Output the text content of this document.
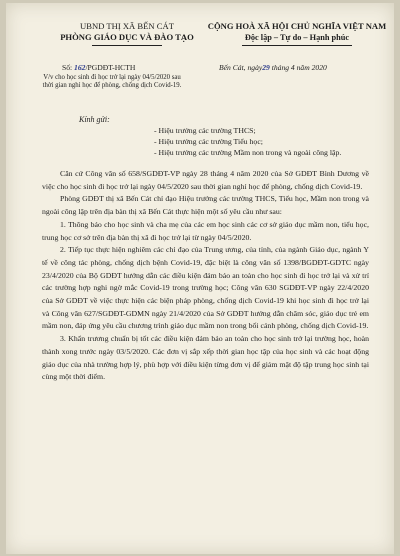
UBND THỊ XÃ BẾN CÁT
PHÒNG GIÁO DỤC VÀ ĐÀO TẠO
CỘNG HOÀ XÃ HỘI CHỦ NGHĨA VIỆT NAM
Độc lập – Tự do – Hạnh phúc
Số: 162/PGDĐT-HCTH
V/v cho học sinh đi học trở lại ngày 04/5/2020 sau thời gian nghỉ học để phòng, chống dịch Covid-19.
Bến Cát, ngày29 tháng 4 năm 2020
Kính gửi:
- Hiệu trưởng các trường THCS;
- Hiệu trưởng các trường Tiểu học;
- Hiệu trưởng các trường Mầm non trong và ngoài công lập.

Căn cứ Công văn số 658/SGDĐT-VP ngày 28 tháng 4 năm 2020 của Sở GDĐT Bình Dương về việc cho học sinh đi học trở lại ngày 04/5/2020 sau thời gian nghỉ học để phòng, chống dịch Covid-19.

Phòng GDĐT thị xã Bến Cát chỉ đạo Hiệu trưởng các trường THCS, Tiểu học, Mầm non trong và ngoài công lập trên địa bàn thị xã Bến Cát thực hiện một số yêu cầu như sau:

1. Thông báo cho học sinh và cha mẹ của các em học sinh các cơ sở giáo dục mầm non, tiểu học, trung học cơ sở trên địa bàn thị xã đi học trở lại từ ngày 04/5/2020.

2. Tiếp tục thực hiện nghiêm các chỉ đạo của Trung ương, của tỉnh, của ngành Giáo dục, ngành Y tế về công tác phòng, chống dịch bệnh Covid-19, đặc biệt là công văn số 1398/BGDĐT-GDTC ngày 23/4/2020 của Bộ GDĐT hướng dẫn các điều kiện đảm bảo an toàn cho học sinh đi học trở lại và xử trí các trường hợp nghi ngờ mắc Covid-19 trong trường học; Công văn 630 SGDĐT-VP ngày 22/4/2020 của Sở GDĐT về việc thực hiện các biện pháp phòng, chống dịch Covid-19 khi học sinh đi học trở lại và Công văn 627/SGDĐT-GDMN ngày 21/4/2020 của Sở GDĐT hướng dẫn chăm sóc, giáo dục trẻ em mầm non, đáp ứng yêu cầu chương trình giáo dục mầm non trong bối cảnh phòng, chống dịch Covid-19.

3. Khẩn trương chuẩn bị tốt các điều kiện đảm bảo an toàn cho học sinh trở lại trường học, hoàn thành xong trước ngày 03/5/2020. Các đơn vị sắp xếp thời gian học tập của học sinh và các hoạt động giáo dục của nhà trường hợp lý, phù hợp với điều kiện từng đơn vị để giảm mật độ tập trung học sinh tại cùng một thời điểm.
